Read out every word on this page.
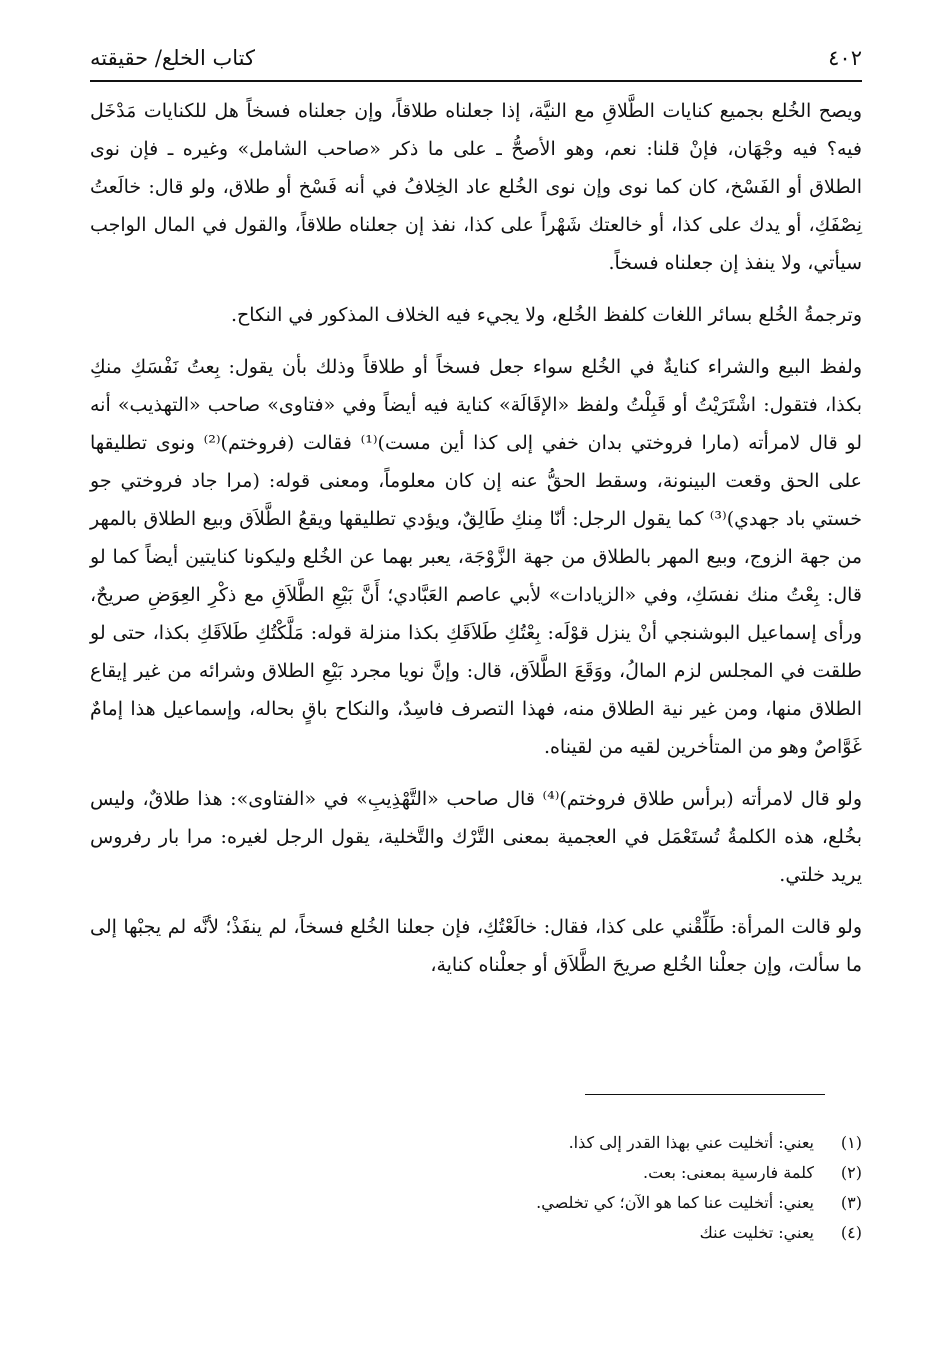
٤٠٢
كتاب الخلع/ حقيقته

ويصح الخُلع بجميع كنايات الطَّلاقِ مع النيَّة، إذا جعلناه طلاقاً، وإن جعلناه فسخاً هل للكنايات مَدْخَل فيه؟ فيه وجْهَان، فإنْ قلنا: نعم، وهو الأصحُّ ـ على ما ذكر «صاحب الشامل» وغيره ـ فإن نوى الطلاق أو الفَسْخ، كان كما نوى وإن نوى الخُلع عاد الخِلافُ في أنه فَسْخ أو طلاق، ولو قال: خالَعتُ نِصْفَكِ، أو يدك على كذا، أو خالعتك شَهْراً على كذا، نفذ إن جعلناه طلاقاً، والقول في المال الواجب سيأتي، ولا ينفذ إن جعلناه فسخاً.

وترجمةُ الخُلع بسائر اللغات كلفظ الخُلع، ولا يجيء فيه الخلاف المذكور في النكاح.

ولفظ البيع والشراء كنايةٌ في الخُلع سواء جعل فسخاً أو طلاقاً وذلك بأن يقول: بِعتُ نَفْسَكِ منكِ بكذا، فتقول: اشْتَرَيْتُ أو قَبِلْتُ ولفظ «الإقَالَة» كناية فيه أيضاً وفي «فتاوى» صاحب «التهذيب» أنه لو قال لامرأته (مارا فروختي بدان خفي إلى كذا أين مست)⁽¹⁾ فقالت (فروختم)⁽²⁾ ونوى تطليقها على الحق وقعت البينونة، وسقط الحقُّ عنه إن كان معلوماً، ومعنى قوله: (مرا جاد فروختي جو خستي باد جهدي)⁽³⁾ كما يقول الرجل: أنّا مِنكِ طَالِقٌ، ويؤدي تطليقها ويقعُ الطَّلاَق وبيع الطلاق بالمهر من جهة الزوج، وبيع المهر بالطلاق من جهة الزَّوْجَة، يعبر بهما عن الخُلع وليكونا كنايتين أيضاً كما لو قال: بِعْتُ منك نفسَكِ، وفي «الزيادات» لأبي عاصم العَبَّادي؛ أَنَّ بَيْعِ الطَّلاَقِ مع ذكْرِ العِوَضِ صريحٌ، ورأى إسماعيل البوشنجي أنْ ينزل قوْلَه: بِعْتُكِ طَلاَقَكِ بكذا منزلة قوله: مَلَّكْتُكِ طَلاَقَكِ بكذا، حتى لو طلقت في المجلس لزم المالُ، ووَقَعَ الطَّلاَق، قال: وإنَّ نويا مجرد بَيْعِ الطلاق وشرائه من غير إيقاع الطلاق منها، ومن غير نية الطلاق منه، فهذا التصرف فاسِدٌ، والنكاح باقٍ بحاله، وإسماعيل هذا إمامٌ غَوَّاصٌ وهو من المتأخرين لقيه من لقيناه.

ولو قال لامرأته (برأس طلاق فروختم)⁽⁴⁾ قال صاحب «التَّهْذِيبِ» في «الفتاوى»: هذا طلاقٌ، وليس بخُلع، هذه الكلمةُ تُستَعْمَل في العجمية بمعنى التَّرْك والتَّخلية، يقول الرجل لغيره: مرا بار رفروس يريد خلتي.

ولو قالت المرأة: طَلِّقْني على كذا، فقال: خالَعْتُكِ، فإن جعلنا الخُلع فسخاً، لم ينفَذْ؛ لأنَّه لم يجبْها إلى ما سألت، وإن جعلْنا الخُلع صريحَ الطَّلاَق أو جعلْناه كناية،

(١)
يعني: أتخليت عني بهذا القدر إلى كذا.
(٢)
كلمة فارسية بمعنى: بعت.
(٣)
يعني: أتخليت عنا كما هو الآن؛ كي تخلصي.
(٤)
يعني: تخليت عنك
